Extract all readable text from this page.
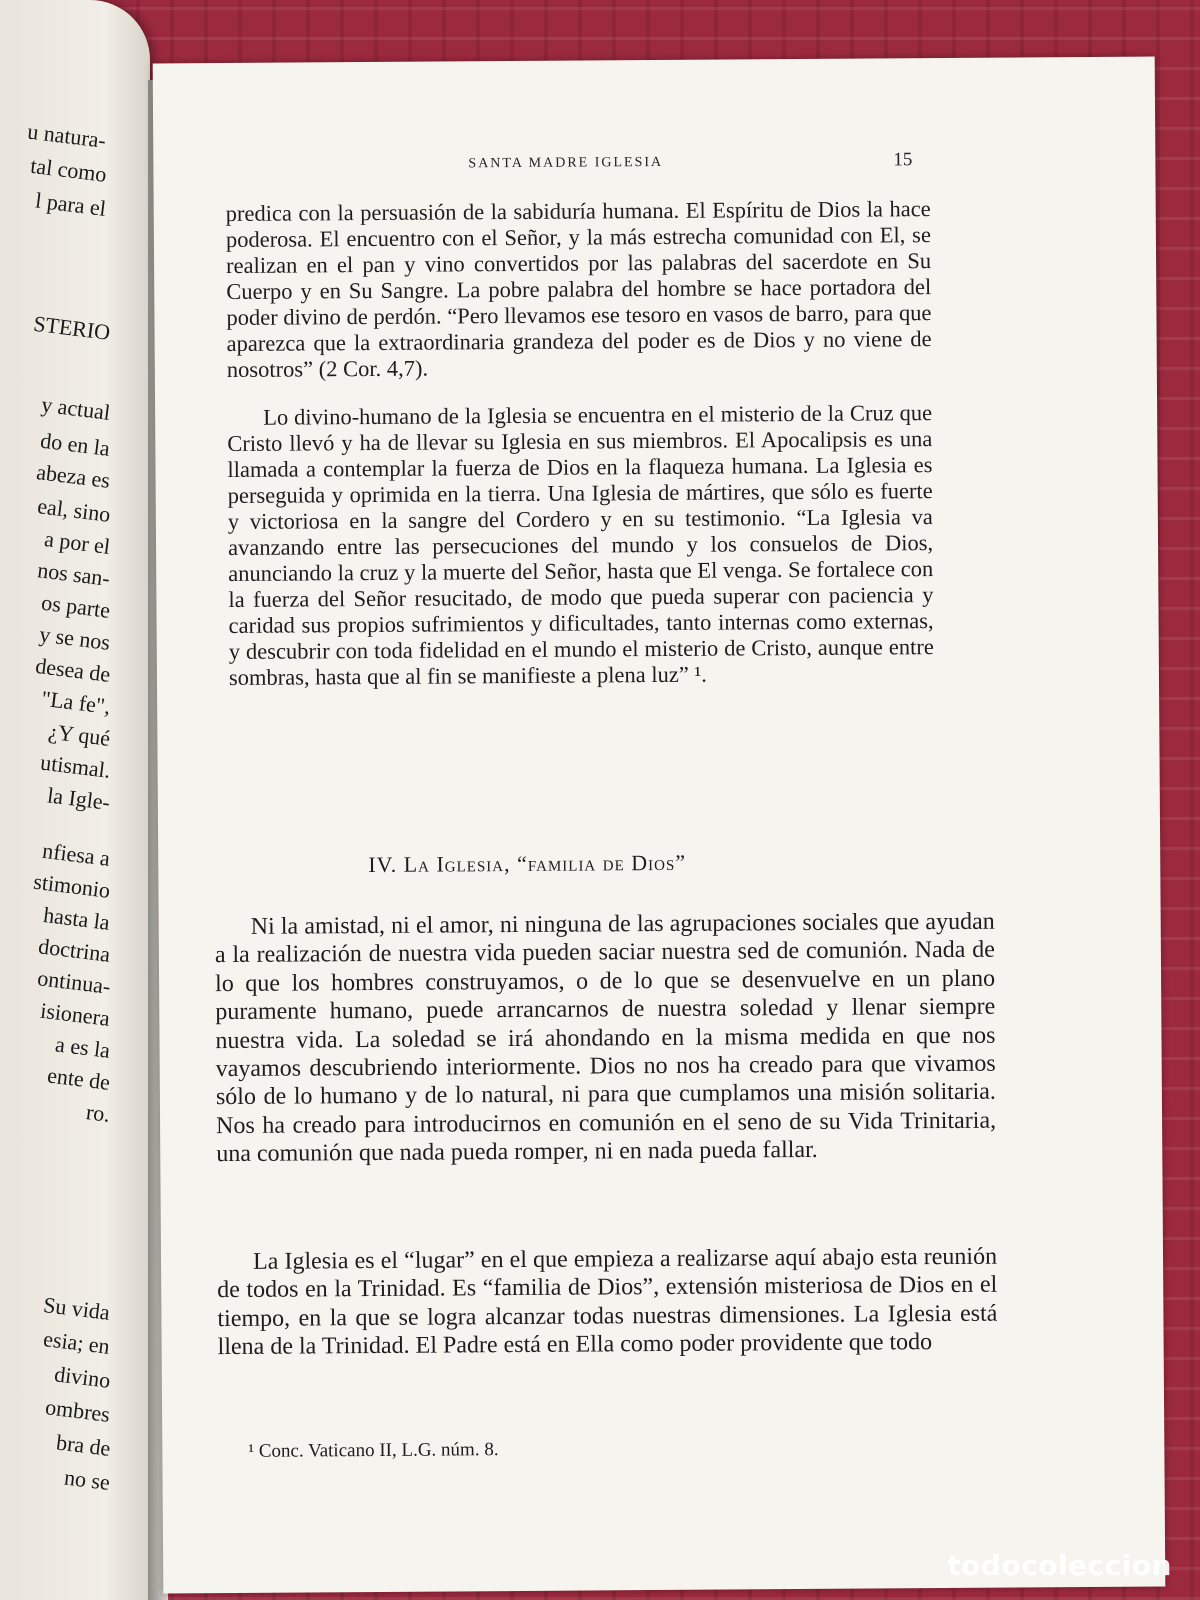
u natura-
tal como
l para el
STERIO
y actual
do en la
abeza es
eal, sino
a por el
nos san-
os parte
y se nos
desea de
"La fe",
¿Y qué
utismal.
la Igle-
nfiesa a
stimonio
hasta la
doctrina
ontinua-
isionera
a es la
ente de
ro.
Su vida
esia; en
divino
ombres
bra de
no se
SANTA MADRE IGLESIA	15

predica con la persuasión de la sabiduría humana. El Espíritu de Dios la hace poderosa. El encuentro con el Señor, y la más estrecha comunidad con El, se realizan en el pan y vino convertidos por las palabras del sacerdote en Su Cuerpo y en Su Sangre. La pobre palabra del hombre se hace portadora del poder divino de perdón. “Pero llevamos ese tesoro en vasos de barro, para que aparezca que la extraordinaria grandeza del poder es de Dios y no viene de nosotros” (2 Cor. 4,7).

Lo divino-humano de la Iglesia se encuentra en el misterio de la Cruz que Cristo llevó y ha de llevar su Iglesia en sus miembros. El Apocalipsis es una llamada a contemplar la fuerza de Dios en la flaqueza humana. La Iglesia es perseguida y oprimida en la tierra. Una Iglesia de mártires, que sólo es fuerte y victoriosa en la sangre del Cordero y en su testimonio. “La Iglesia va avanzando entre las persecuciones del mundo y los consuelos de Dios, anunciando la cruz y la muerte del Señor, hasta que El venga. Se fortalece con la fuerza del Señor resucitado, de modo que pueda superar con paciencia y caridad sus propios sufrimientos y dificultades, tanto internas como externas, y descubrir con toda fidelidad en el mundo el misterio de Cristo, aunque entre sombras, hasta que al fin se manifieste a plena luz” ¹.

IV. La Iglesia, “familia de Dios”

Ni la amistad, ni el amor, ni ninguna de las agrupaciones sociales que ayudan a la realización de nuestra vida pueden saciar nuestra sed de comunión. Nada de lo que los hombres construyamos, o de lo que se desenvuelve en un plano puramente humano, puede arrancarnos de nuestra soledad y llenar siempre nuestra vida. La soledad se irá ahondando en la misma medida en que nos vayamos descubriendo interiormente. Dios no nos ha creado para que vivamos sólo de lo humano y de lo natural, ni para que cumplamos una misión solitaria. Nos ha creado para introducirnos en comunión en el seno de su Vida Trinitaria, una comunión que nada pueda romper, ni en nada pueda fallar.

La Iglesia es el “lugar” en el que empieza a realizarse aquí abajo esta reunión de todos en la Trinidad. Es “familia de Dios”, extensión misteriosa de Dios en el tiempo, en la que se logra alcanzar todas nuestras dimensiones. La Iglesia está llena de la Trinidad. El Padre está en Ella como poder providente que todo

¹ Conc. Vaticano II, L.G. núm. 8.
todocoleccion
